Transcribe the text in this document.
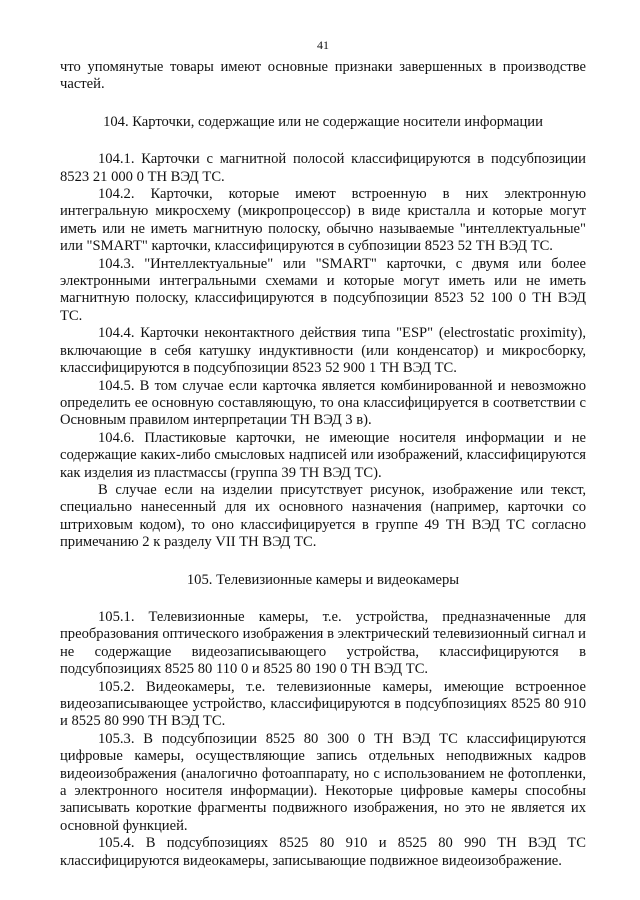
41

что упомянутые товары имеют основные признаки завершенных в производстве частей.

104. Карточки, содержащие или не содержащие носители информации

104.1. Карточки с магнитной полосой классифицируются в подсубпозиции 8523 21 000 0 ТН ВЭД ТС.

104.2. Карточки, которые имеют встроенную в них электронную интегральную микросхему (микропроцессор) в виде кристалла и которые могут иметь или не иметь магнитную полоску, обычно называемые "интеллектуальные" или "SMART" карточки, классифицируются в субпозиции 8523 52 ТН ВЭД ТС.

104.3. "Интеллектуальные" или "SMART" карточки, с двумя или более электронными интегральными схемами и которые могут иметь или не иметь магнитную полоску, классифицируются в подсубпозиции 8523 52 100 0 ТН ВЭД ТС.

104.4. Карточки неконтактного действия типа "ESP" (electrostatic proximity), включающие в себя катушку индуктивности (или конденсатор) и микросборку, классифицируются в подсубпозиции 8523 52 900 1 ТН ВЭД ТС.

104.5. В том случае если карточка является комбинированной и невозможно определить ее основную составляющую, то она классифицируется в соответствии с Основным правилом интерпретации ТН ВЭД 3 в).

104.6. Пластиковые карточки, не имеющие носителя информации и не содержащие каких-либо смысловых надписей или изображений, классифицируются как изделия из пластмассы (группа 39 ТН ВЭД ТС).

В случае если на изделии присутствует рисунок, изображение или текст, специально нанесенный для их основного назначения (например, карточки со штриховым кодом), то оно классифицируется в группе 49 ТН ВЭД ТС согласно примечанию 2 к разделу VII ТН ВЭД ТС.

105. Телевизионные камеры и видеокамеры

105.1. Телевизионные камеры, т.е. устройства, предназначенные для преобразования оптического изображения в электрический телевизионный сигнал и не содержащие видеозаписывающего устройства, классифицируются в подсубпозициях 8525 80 110 0 и 8525 80 190 0 ТН ВЭД ТС.

105.2. Видеокамеры, т.е. телевизионные камеры, имеющие встроенное видеозаписывающее устройство, классифицируются в подсубпозициях 8525 80 910 и 8525 80 990 ТН ВЭД ТС.

105.3. В подсубпозиции 8525 80 300 0 ТН ВЭД ТС классифицируются цифровые камеры, осуществляющие запись отдельных неподвижных кадров видеоизображения (аналогично фотоаппарату, но с использованием не фотопленки, а электронного носителя информации). Некоторые цифровые камеры способны записывать короткие фрагменты подвижного изображения, но это не является их основной функцией.

105.4. В подсубпозициях 8525 80 910 и 8525 80 990 ТН ВЭД ТС классифицируются видеокамеры, записывающие подвижное видеоизображение.
